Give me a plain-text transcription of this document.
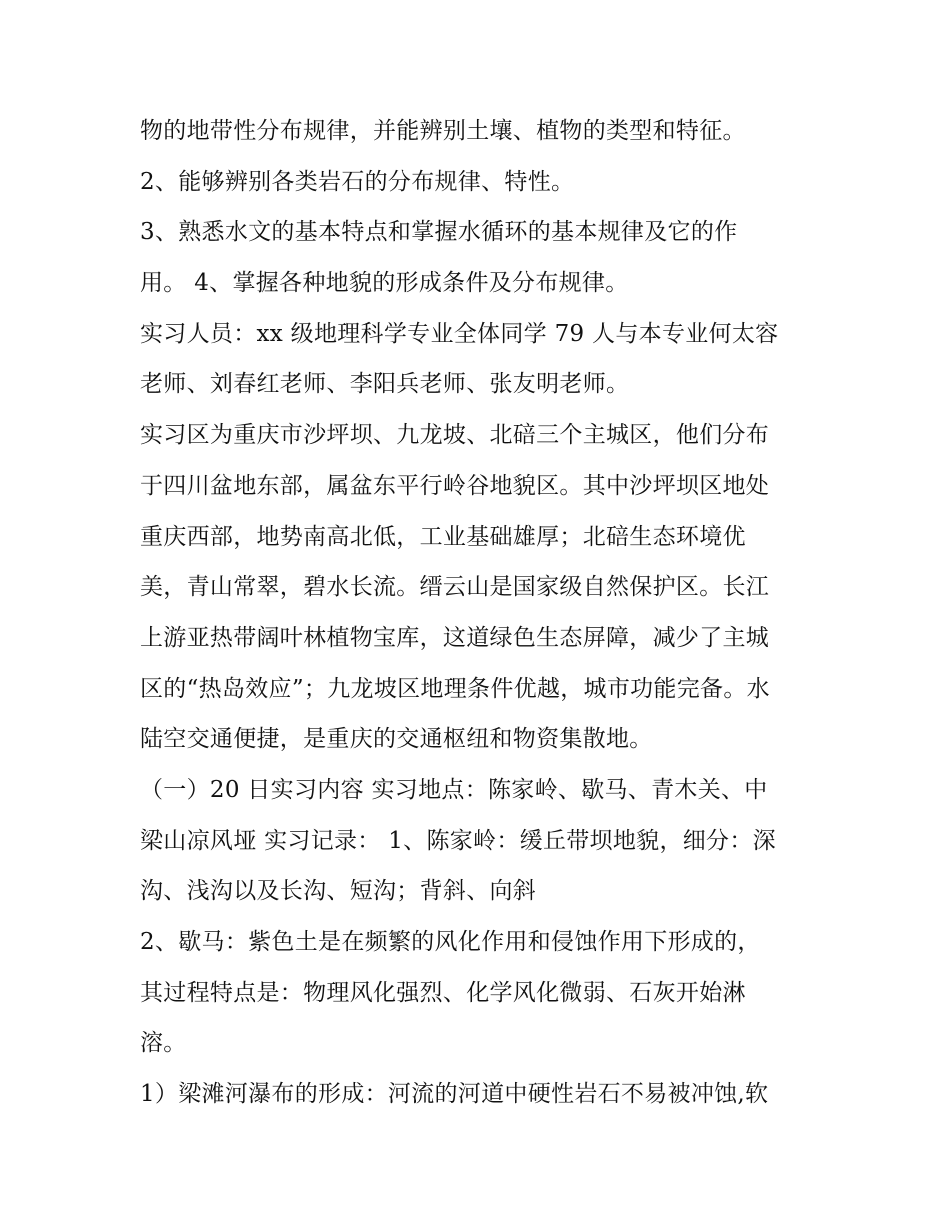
物的地带性分布规律，并能辨别土壤、植物的类型和特征。
2、能够辨别各类岩石的分布规律、特性。
3、熟悉水文的基本特点和掌握水循环的基本规律及它的作
用。 4、掌握各种地貌的形成条件及分布规律。
实习人员：xx 级地理科学专业全体同学 79 人与本专业何太容
老师、刘春红老师、李阳兵老师、张友明老师。
实习区为重庆市沙坪坝、九龙坡、北碚三个主城区，他们分布
于四川盆地东部，属盆东平行岭谷地貌区。其中沙坪坝区地处
重庆西部，地势南高北低，工业基础雄厚；北碚生态环境优
美，青山常翠，碧水长流。缙云山是国家级自然保护区。长江
上游亚热带阔叶林植物宝库，这道绿色生态屏障，减少了主城
区的“热岛效应”；九龙坡区地理条件优越，城市功能完备。水
陆空交通便捷，是重庆的交通枢纽和物资集散地。
（一）20 日实习内容 实习地点：陈家岭、歇马、青木关、中
梁山凉风垭 实习记录： 1、陈家岭：缓丘带坝地貌，细分：深
沟、浅沟以及长沟、短沟；背斜、向斜
2、歇马：紫色土是在频繁的风化作用和侵蚀作用下形成的，
其过程特点是：物理风化强烈、化学风化微弱、石灰开始淋
溶。
1）梁滩河瀑布的形成：河流的河道中硬性岩石不易被冲蚀,软
